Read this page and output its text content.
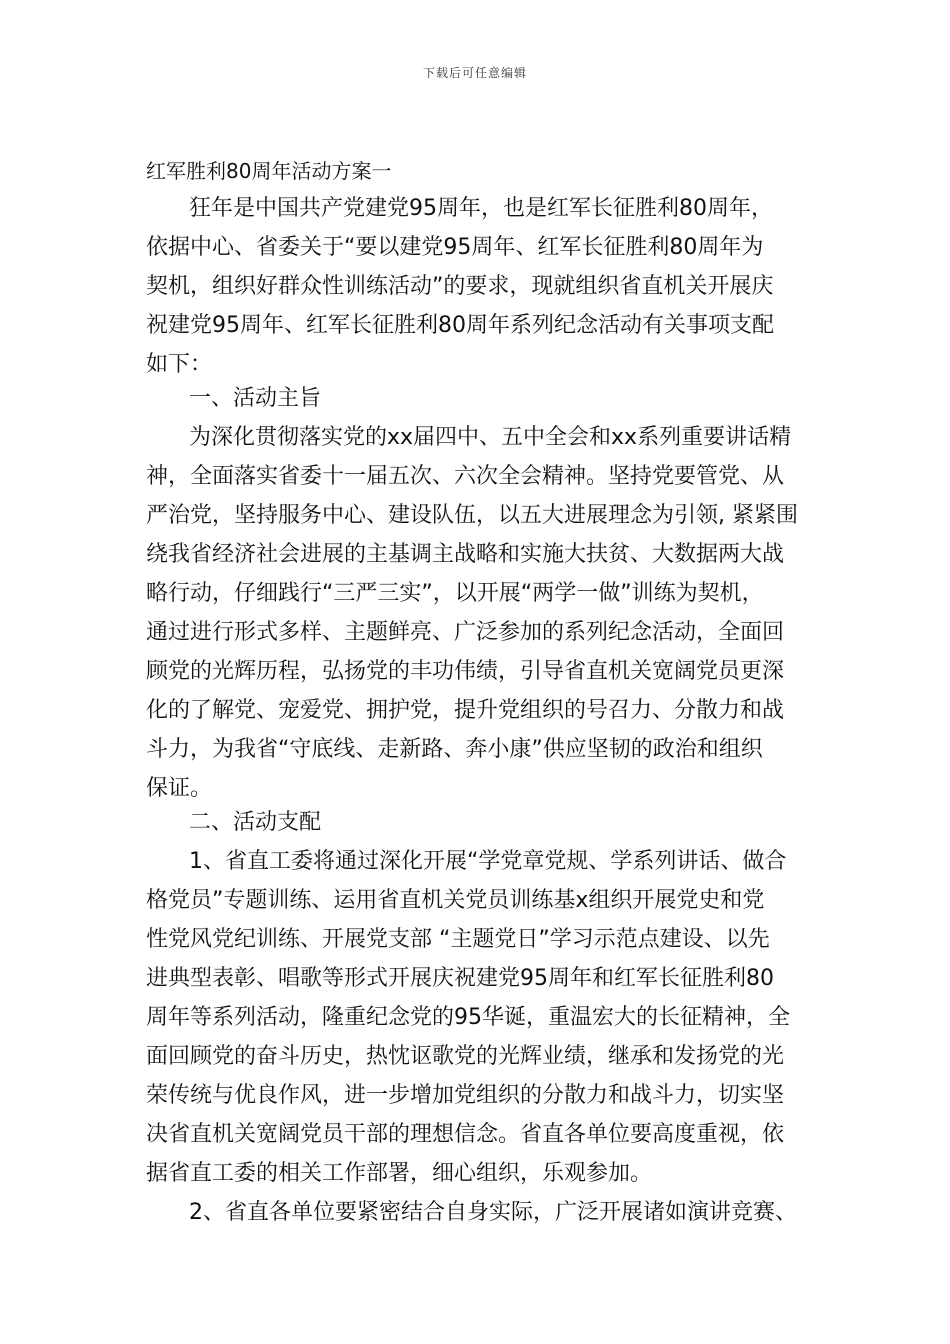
下载后可任意编辑
红军胜利80周年活动方案一
狂年是中国共产党建党95周年，也是红军长征胜利80周年，
依据中心、省委关于“要以建党95周年、红军长征胜利80周年为
契机，组织好群众性训练活动”的要求，现就组织省直机关开展庆
祝建党95周年、红军长征胜利80周年系列纪念活动有关事项支配
如下：
一、活动主旨
为深化贯彻落实党的xx届四中、五中全会和xx系列重要讲话精
神，全面落实省委十一届五次、六次全会精神。坚持党要管党、从
严治党，坚持服务中心、建设队伍，以五大进展理念为引领, 紧紧围
绕我省经济社会进展的主基调主战略和实施大扶贫、大数据两大战
略行动，仔细践行“三严三实”，以开展“两学一做”训练为契机，
通过进行形式多样、主题鲜亮、广泛参加的系列纪念活动，全面回
顾党的光辉历程，弘扬党的丰功伟绩，引导省直机关宽阔党员更深
化的了解党、宠爱党、拥护党，提升党组织的号召力、分散力和战
斗力，为我省“守底线、走新路、奔小康”供应坚韧的政治和组织
保证。
二、活动支配
1、省直工委将通过深化开展“学党章党规、学系列讲话、做合
格党员”专题训练、运用省直机关党员训练基x组织开展党史和党
性党风党纪训练、开展党支部 “主题党日”学习示范点建设、以先
进典型表彰、唱歌等形式开展庆祝建党95周年和红军长征胜利80
周年等系列活动，隆重纪念党的95华诞，重温宏大的长征精神，全
面回顾党的奋斗历史，热忱讴歌党的光辉业绩，继承和发扬党的光
荣传统与优良作风，进一步增加党组织的分散力和战斗力，切实坚
决省直机关宽阔党员干部的理想信念。省直各单位要高度重视，依
据省直工委的相关工作部署，细心组织，乐观参加。
2、省直各单位要紧密结合自身实际，广泛开展诸如演讲竞赛、
